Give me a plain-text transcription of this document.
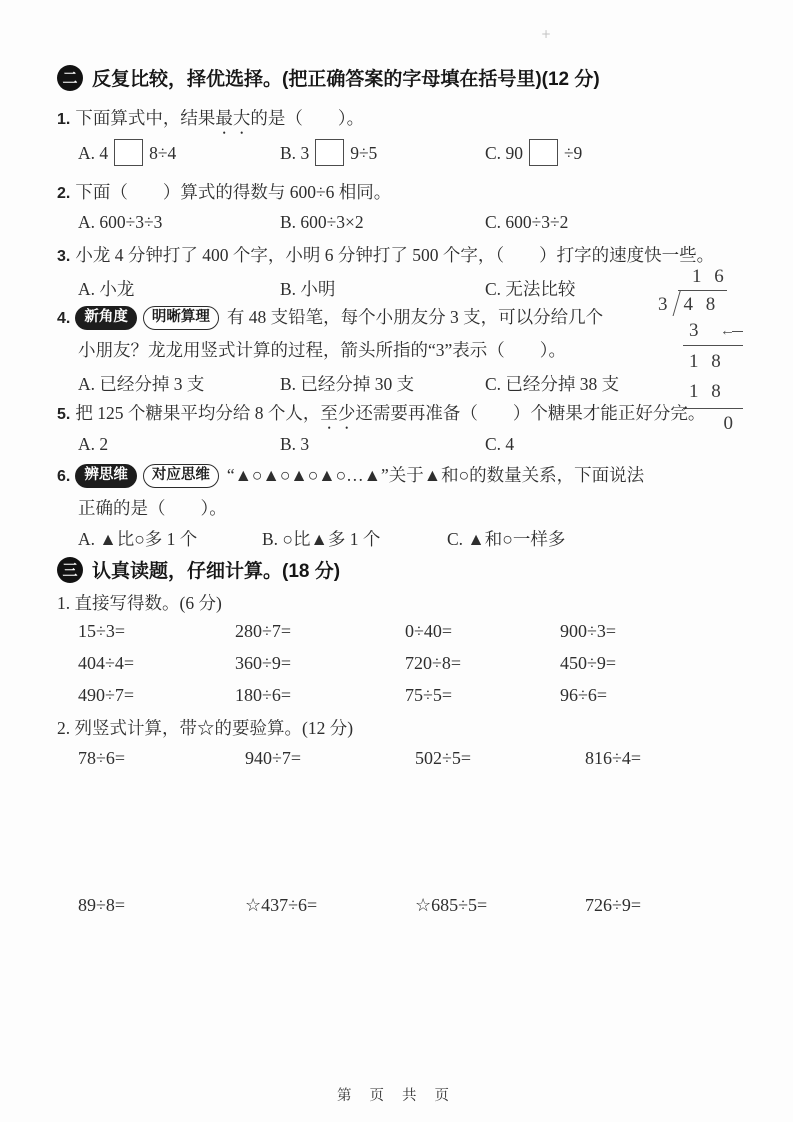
+
二 反复比较，择优选择。(把正确答案的字母填在括号里)(12 分)
1. 下面算式中，结果最大的是（　　）。
A. 4 8÷4	B. 3 9÷5	C. 90 ÷9
2. 下面（　　）算式的得数与 600÷6 相同。
A. 600÷3÷3	B. 600÷3×2	C. 600÷3÷2
3. 小龙 4 分钟打了 400 个字，小明 6 分钟打了 500 个字，（　　）打字的速度快一些。
A. 小龙	B. 小明	C. 无法比较
4. 新角度 明晰算理 有 48 支铅笔，每个小朋友分 3 支，可以分给几个
小朋友？龙龙用竖式计算的过程，箭头所指的“3”表示（　　）。
A. 已经分掉 3 支	B. 已经分掉 30 支	C. 已经分掉 38 支
1 6
3 4 8
3 ←
1 8
1 8
0
5. 把 125 个糖果平均分给 8 个人，至少还需要再准备（　　）个糖果才能正好分完。
A. 2	B. 3	C. 4
6. 辨思维 对应思维 “▲○▲○▲○▲○…▲”关于▲和○的数量关系，下面说法
正确的是（　　）。
A. ▲比○多 1 个	B. ○比▲多 1 个	C. ▲和○一样多
三 认真读题，仔细计算。(18 分)
1. 直接写得数。(6 分)
15÷3=	280÷7=	0÷40=	900÷3=
404÷4=	360÷9=	720÷8=	450÷9=
490÷7=	180÷6=	75÷5=	96÷6=
2. 列竖式计算，带☆的要验算。(12 分)
78÷6=	940÷7=	502÷5=	816÷4=
89÷8=	☆437÷6=	☆685÷5=	726÷9=
第 页 共 页
